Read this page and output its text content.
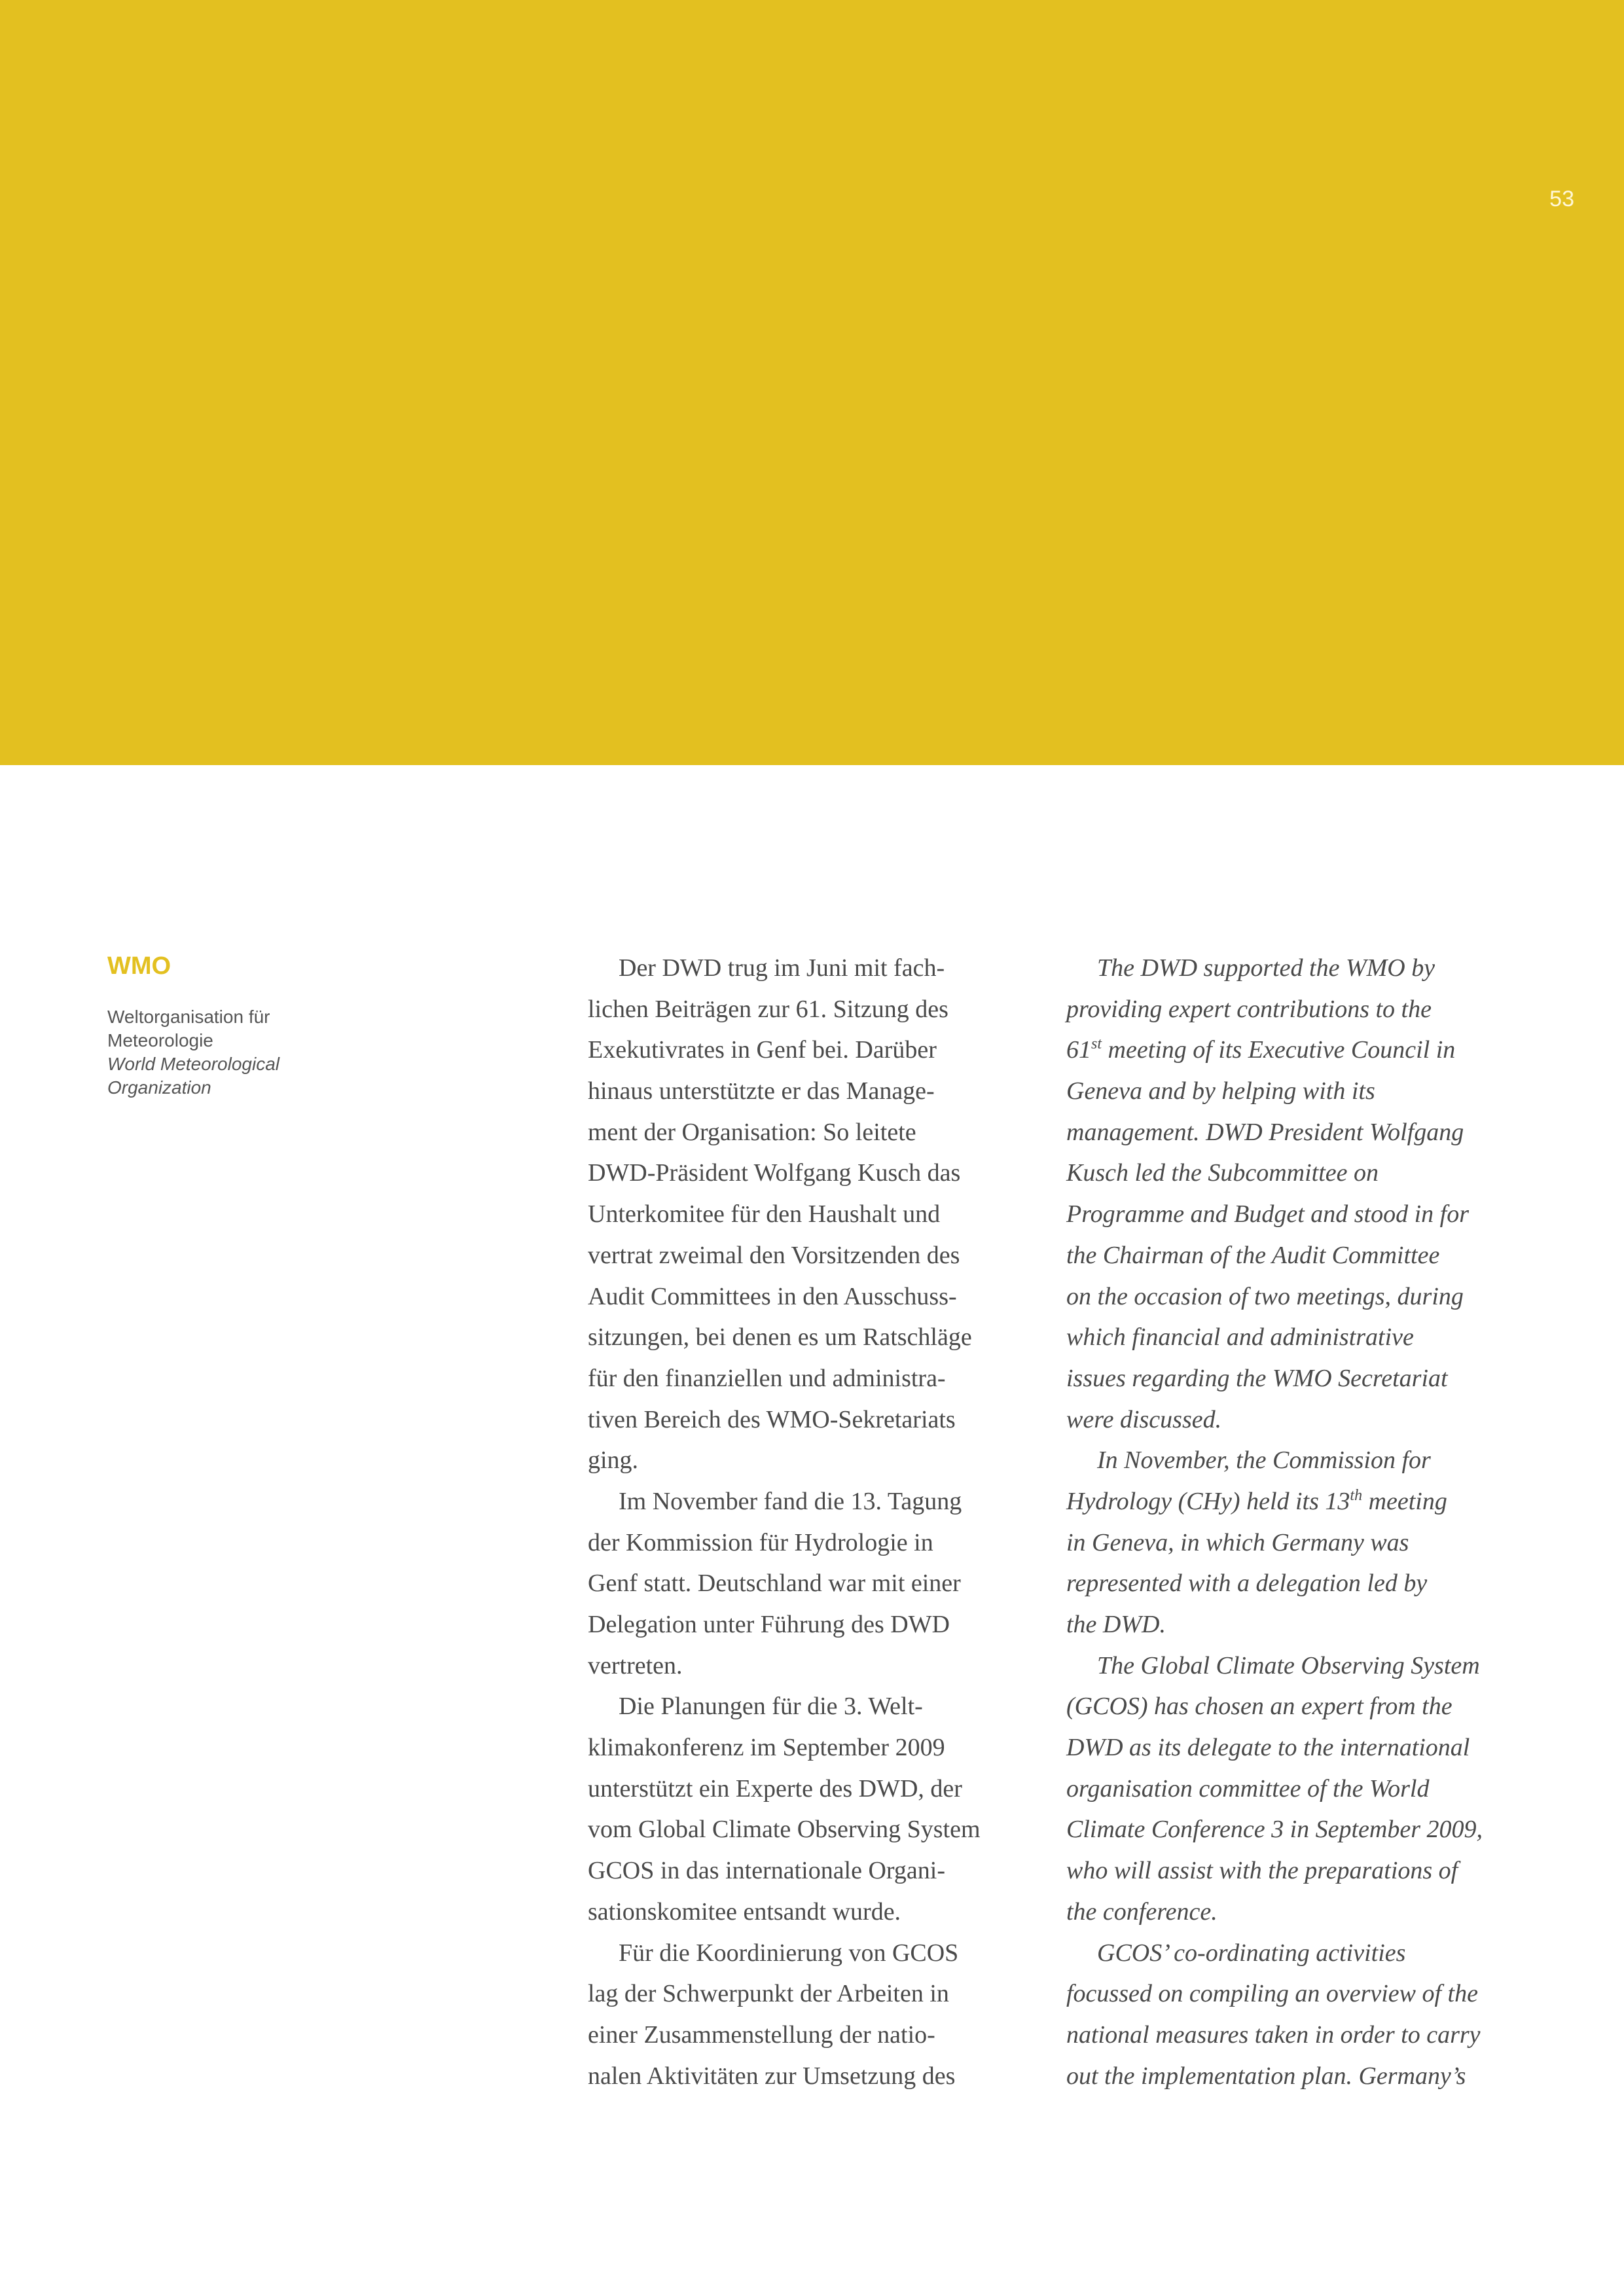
53
WMO
Weltorganisation für
Meteorologie
World Meteorological
Organization
Der DWD trug im Juni mit fach-
lichen Beiträgen zur 61. Sitzung des
Exekutivrates in Genf bei. Darüber
hinaus unterstützte er das Manage-
ment der Organisation: So leitete
DWD-Präsident Wolfgang Kusch das
Unterkomitee für den Haushalt und
vertrat zweimal den Vorsitzenden des
Audit Committees in den Ausschuss-
sitzungen, bei denen es um Ratschläge
für den finanziellen und administra-
tiven Bereich des WMO-Sekretariats
ging.
Im November fand die 13. Tagung
der Kommission für Hydrologie in
Genf statt. Deutschland war mit einer
Delegation unter Führung des DWD
vertreten.
Die Planungen für die 3. Welt-
klimakonferenz im September 2009
unterstützt ein Experte des DWD, der
vom Global Climate Observing System
GCOS in das internationale Organi-
sationskomitee entsandt wurde.
Für die Koordinierung von GCOS
lag der Schwerpunkt der Arbeiten in
einer Zusammenstellung der natio-
nalen Aktivitäten zur Umsetzung des
The DWD supported the WMO by
providing expert contributions to the
61st meeting of its Executive Council in
Geneva and by helping with its
management. DWD President Wolfgang
Kusch led the Subcommittee on
Programme and Budget and stood in for
the Chairman of the Audit Committee
on the occasion of two meetings, during
which financial and administrative
issues regarding the WMO Secretariat
were discussed.
In November, the Commission for
Hydrology (CHy) held its 13th meeting
in Geneva, in which Germany was
represented with a delegation led by
the DWD.
The Global Climate Observing System
(GCOS) has chosen an expert from the
DWD as its delegate to the international
organisation committee of the World
Climate Conference 3 in September 2009,
who will assist with the preparations of
the conference.
GCOS’ co-ordinating activities
focussed on compiling an overview of the
national measures taken in order to carry
out the implementation plan. Germany’s
